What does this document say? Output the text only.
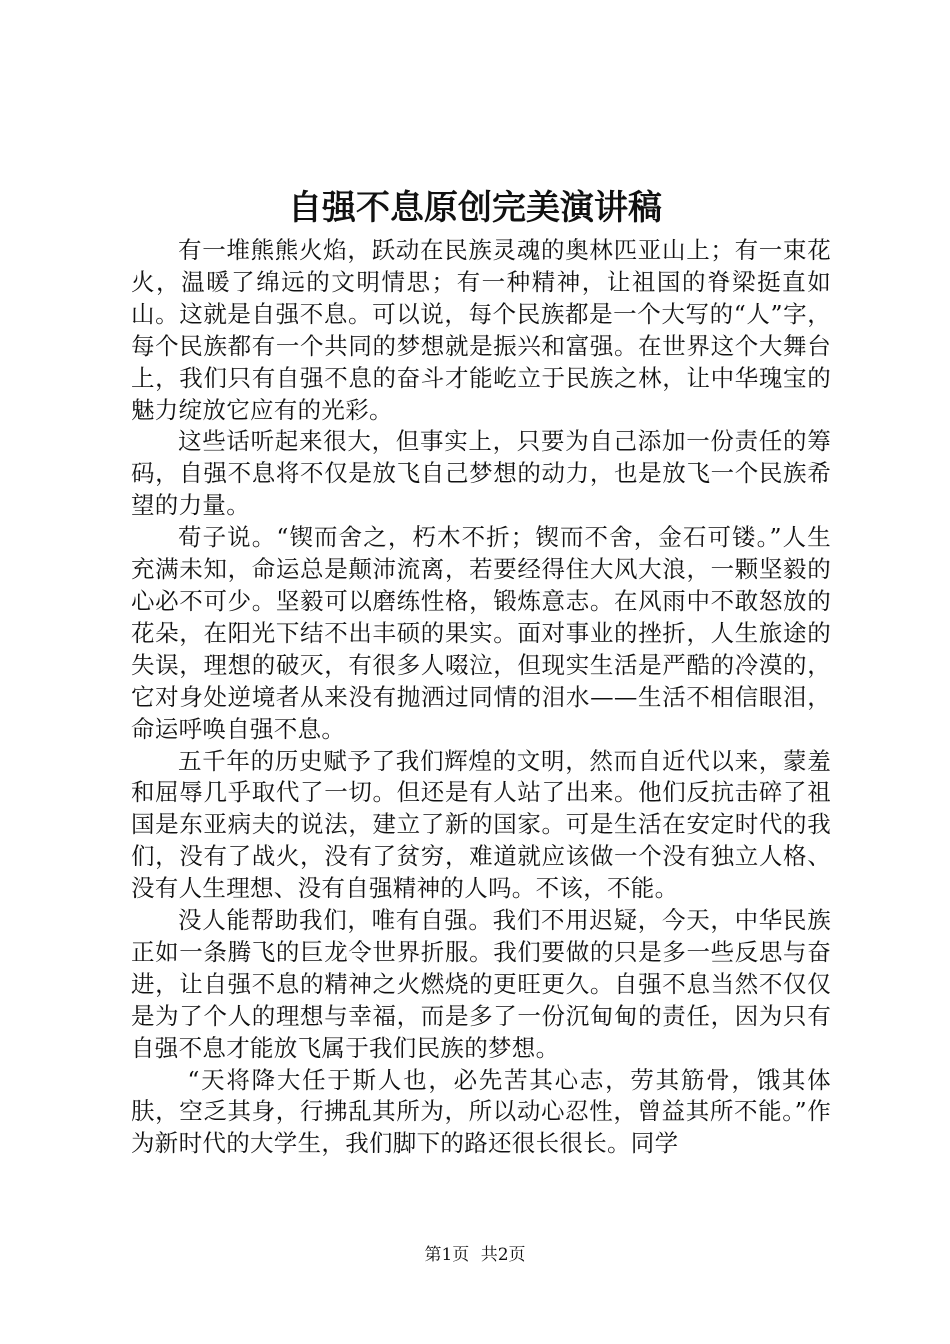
自强不息原创完美演讲稿

有一堆熊熊火焰，跃动在民族灵魂的奥林匹亚山上；有一束花火，温暖了绵远的文明情思；有一种精神，让祖国的脊梁挺直如山。这就是自强不息。可以说，每个民族都是一个大写的“人”字，每个民族都有一个共同的梦想就是振兴和富强。在世界这个大舞台上，我们只有自强不息的奋斗才能屹立于民族之林，让中华瑰宝的魅力绽放它应有的光彩。

这些话听起来很大，但事实上，只要为自己添加一份责任的筹码，自强不息将不仅是放飞自己梦想的动力，也是放飞一个民族希望的力量。

荀子说。“锲而舍之，朽木不折；锲而不舍，金石可镂。”人生充满未知，命运总是颠沛流离，若要经得住大风大浪，一颗坚毅的心必不可少。坚毅可以磨练性格，锻炼意志。在风雨中不敢怒放的花朵，在阳光下结不出丰硕的果实。面对事业的挫折，人生旅途的失误，理想的破灭，有很多人啜泣，但现实生活是严酷的冷漠的，它对身处逆境者从来没有抛洒过同情的泪水——生活不相信眼泪，命运呼唤自强不息。

五千年的历史赋予了我们辉煌的文明，然而自近代以来，蒙羞和屈辱几乎取代了一切。但还是有人站了出来。他们反抗击碎了祖国是东亚病夫的说法，建立了新的国家。可是生活在安定时代的我们，没有了战火，没有了贫穷，难道就应该做一个没有独立人格、没有人生理想、没有自强精神的人吗。不该，不能。

没人能帮助我们，唯有自强。我们不用迟疑，今天，中华民族正如一条腾飞的巨龙令世界折服。我们要做的只是多一些反思与奋进，让自强不息的精神之火燃烧的更旺更久。自强不息当然不仅仅是为了个人的理想与幸福，而是多了一份沉甸甸的责任，因为只有自强不息才能放飞属于我们民族的梦想。

“天将降大任于斯人也，必先苦其心志，劳其筋骨，饿其体肤，空乏其身，行拂乱其所为，所以动心忍性，曾益其所不能。”作为新时代的大学生，我们脚下的路还很长很长。同学

第1页 共2页
